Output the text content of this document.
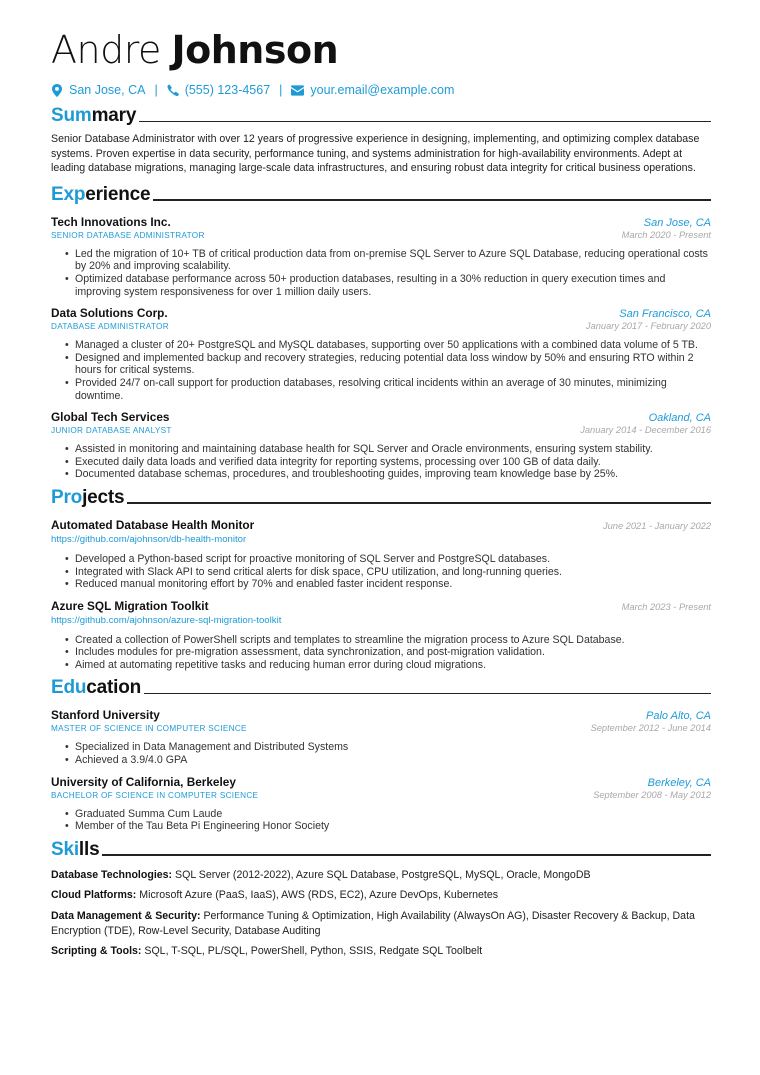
Andre Johnson
San Jose, CA | (555) 123-4567 | your.email@example.com
Summary

Senior Database Administrator with over 12 years of progressive experience in designing, implementing, and optimizing complex database systems. Proven expertise in data security, performance tuning, and systems administration for high-availability environments. Adept at leading database migrations, managing large-scale data infrastructures, and ensuring robust data integrity for critical business operations.

Experience
Tech Innovations Inc.	San Jose, CA
SENIOR DATABASE ADMINISTRATOR	March 2020 - Present
• Led the migration of 10+ TB of critical production data from on-premise SQL Server to Azure SQL Database, reducing operational costs by 20% and improving scalability.
• Optimized database performance across 50+ production databases, resulting in a 30% reduction in query execution times and improving system responsiveness for over 1 million daily users.
Data Solutions Corp.	San Francisco, CA
DATABASE ADMINISTRATOR	January 2017 - February 2020
• Managed a cluster of 20+ PostgreSQL and MySQL databases, supporting over 50 applications with a combined data volume of 5 TB.
• Designed and implemented backup and recovery strategies, reducing potential data loss window by 50% and ensuring RTO within 2 hours for critical systems.
• Provided 24/7 on-call support for production databases, resolving critical incidents within an average of 30 minutes, minimizing downtime.
Global Tech Services	Oakland, CA
JUNIOR DATABASE ANALYST	January 2014 - December 2016
• Assisted in monitoring and maintaining database health for SQL Server and Oracle environments, ensuring system stability.
• Executed daily data loads and verified data integrity for reporting systems, processing over 100 GB of data daily.
• Documented database schemas, procedures, and troubleshooting guides, improving team knowledge base by 25%.
Projects
Automated Database Health Monitor	June 2021 - January 2022
https://github.com/ajohnson/db-health-monitor
• Developed a Python-based script for proactive monitoring of SQL Server and PostgreSQL databases.
• Integrated with Slack API to send critical alerts for disk space, CPU utilization, and long-running queries.
• Reduced manual monitoring effort by 70% and enabled faster incident response.
Azure SQL Migration Toolkit	March 2023 - Present
https://github.com/ajohnson/azure-sql-migration-toolkit
• Created a collection of PowerShell scripts and templates to streamline the migration process to Azure SQL Database.
• Includes modules for pre-migration assessment, data synchronization, and post-migration validation.
• Aimed at automating repetitive tasks and reducing human error during cloud migrations.
Education
Stanford University	Palo Alto, CA
MASTER OF SCIENCE IN COMPUTER SCIENCE	September 2012 - June 2014
• Specialized in Data Management and Distributed Systems
• Achieved a 3.9/4.0 GPA
University of California, Berkeley	Berkeley, CA
BACHELOR OF SCIENCE IN COMPUTER SCIENCE	September 2008 - May 2012
• Graduated Summa Cum Laude
• Member of the Tau Beta Pi Engineering Honor Society
Skills
Database Technologies: SQL Server (2012-2022), Azure SQL Database, PostgreSQL, MySQL, Oracle, MongoDB
Cloud Platforms: Microsoft Azure (PaaS, IaaS), AWS (RDS, EC2), Azure DevOps, Kubernetes
Data Management & Security: Performance Tuning & Optimization, High Availability (AlwaysOn AG), Disaster Recovery & Backup, Data Encryption (TDE), Row-Level Security, Database Auditing
Scripting & Tools: SQL, T-SQL, PL/SQL, PowerShell, Python, SSIS, Redgate SQL Toolbelt
